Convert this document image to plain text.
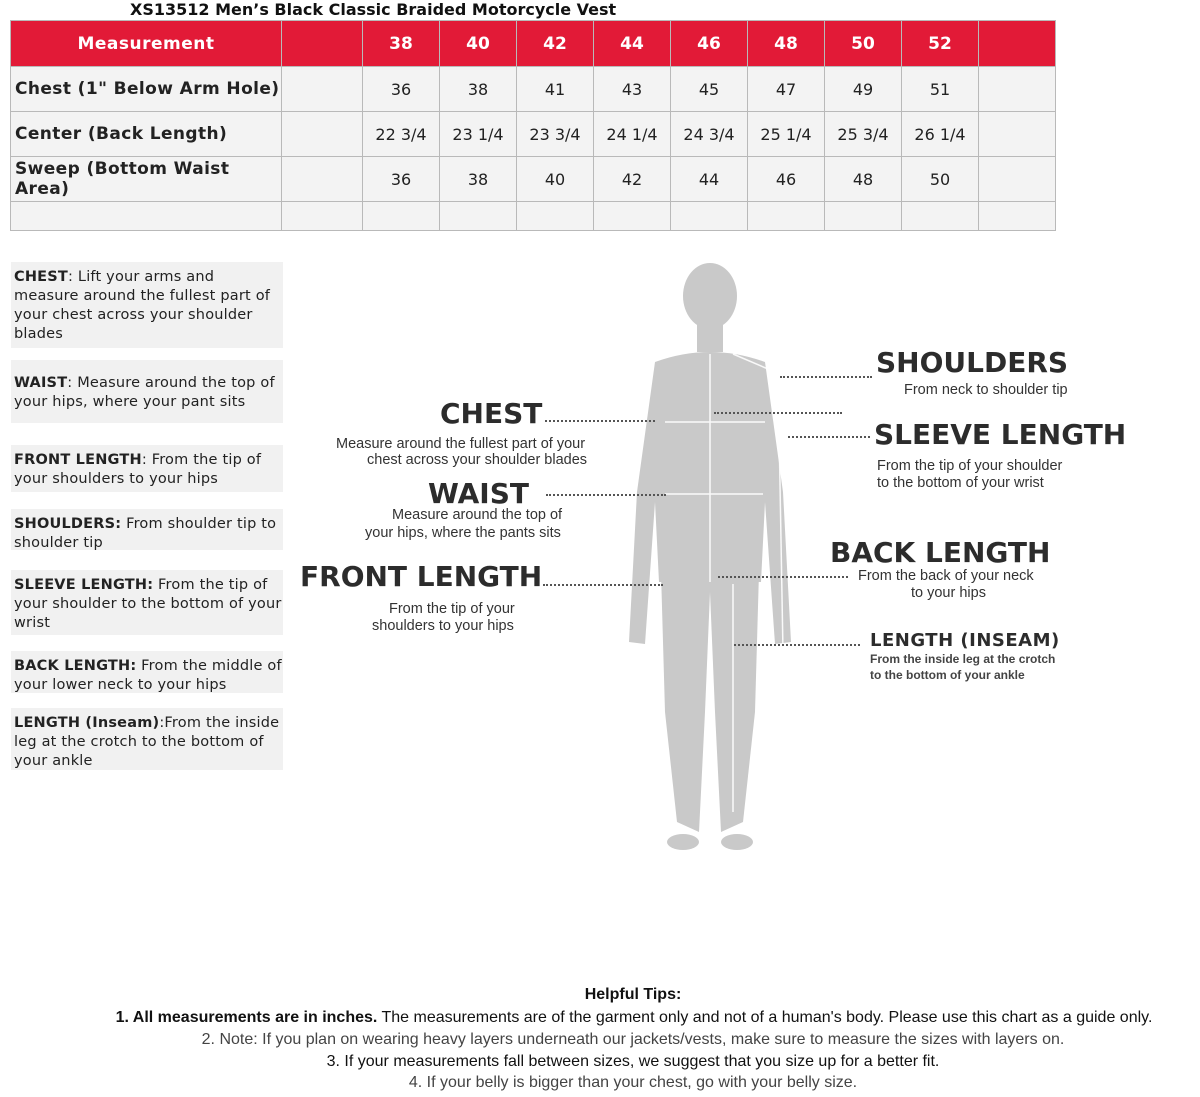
XS13512 Men’s Black Classic Braided Motorcycle Vest
Measurement		38	40	42	44	46	48	50	52	
Chest (1" Below Arm Hole)		36	38	41	43	45	47	49	51	
Center (Back Length)		22 3/4	23 1/4	23 3/4	24 1/4	24 3/4	25 1/4	25 3/4	26 1/4	
Sweep (Bottom Waist Area)		36	38	40	42	44	46	48	50	

CHEST: Lift your arms and measure around the fullest part of your chest across your shoulder blades
WAIST: Measure around the top of your hips, where your pant sits
FRONT LENGTH: From the tip of your shoulders to your hips
SHOULDERS: From shoulder tip to shoulder tip
SLEEVE LENGTH: From the tip of your shoulder to the bottom of your wrist
BACK LENGTH: From the middle of your lower neck to your hips
LENGTH (Inseam):From the inside leg at the crotch to the bottom of your ankle
CHEST
Measure around the fullest part of your
chest across your shoulder blades
WAIST
Measure around the top of
your hips, where the pants sits
FRONT LENGTH
From the tip of your
shoulders to your hips
SHOULDERS
From neck to shoulder tip
SLEEVE LENGTH
From the tip of your shoulder
to the bottom of your wrist
BACK LENGTH
From the back of your neck
to your hips
LENGTH (INSEAM)
From the inside leg at the crotch
to the bottom of your ankle
Helpful Tips:
1. All measurements are in inches. The measurements are of the garment only and not of a human's body. Please use this chart as a guide only.
2. Note: If you plan on wearing heavy layers underneath our jackets/vests, make sure to measure the sizes with layers on.
3. If your measurements fall between sizes, we suggest that you size up for a better fit.
4. If your belly is bigger than your chest, go with your belly size.
